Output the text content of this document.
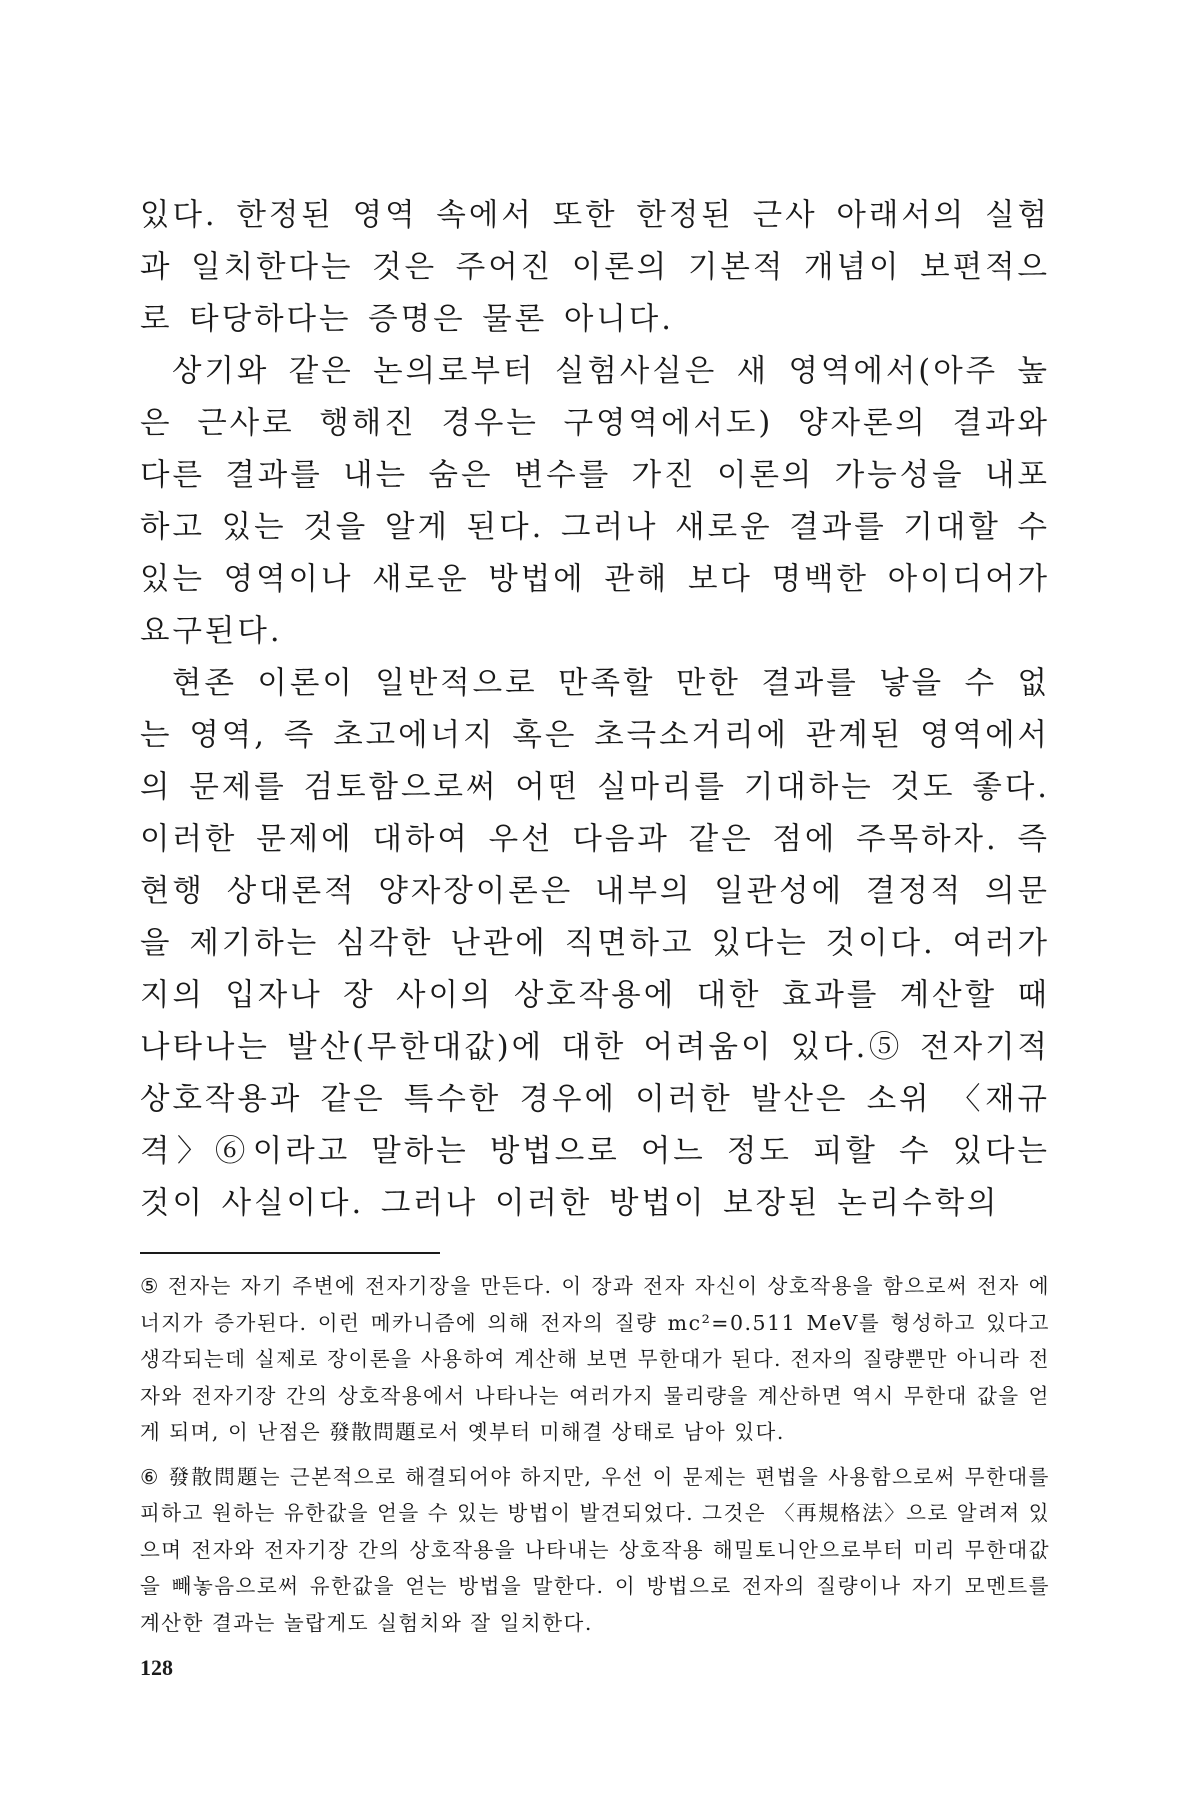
있다. 한정된 영역 속에서 또한 한정된 근사 아래서의 실험과 일치한다는 것은 주어진 이론의 기본적 개념이 보편적으로 타당하다는 증명은 물론 아니다.

상기와 같은 논의로부터 실험사실은 새 영역에서(아주 높은 근사로 행해진 경우는 구영역에서도) 양자론의 결과와 다른 결과를 내는 숨은 변수를 가진 이론의 가능성을 내포하고 있는 것을 알게 된다. 그러나 새로운 결과를 기대할 수 있는 영역이나 새로운 방법에 관해 보다 명백한 아이디어가 요구된다.

현존 이론이 일반적으로 만족할 만한 결과를 낳을 수 없는 영역, 즉 초고에너지 혹은 초극소거리에 관계된 영역에서의 문제를 검토함으로써 어떤 실마리를 기대하는 것도 좋다. 이러한 문제에 대하여 우선 다음과 같은 점에 주목하자. 즉 현행 상대론적 양자장이론은 내부의 일관성에 결정적 의문을 제기하는 심각한 난관에 직면하고 있다는 것이다. 여러가지의 입자나 장 사이의 상호작용에 대한 효과를 계산할 때 나타나는 발산(무한대값)에 대한 어려움이 있다.⑤ 전자기적 상호작용과 같은 특수한 경우에 이러한 발산은 소위 〈재규격〉⑥이라고 말하는 방법으로 어느 정도 피할 수 있다는 것이 사실이다. 그러나 이러한 방법이 보장된 논리수학의

⑤ 전자는 자기 주변에 전자기장을 만든다. 이 장과 전자 자신이 상호작용을 함으로써 전자 에너지가 증가된다. 이런 메카니즘에 의해 전자의 질량 mc²=0.511 MeV를 형성하고 있다고 생각되는데 실제로 장이론을 사용하여 계산해 보면 무한대가 된다. 전자의 질량뿐만 아니라 전자와 전자기장 간의 상호작용에서 나타나는 여러가지 물리량을 계산하면 역시 무한대 값을 얻게 되며, 이 난점은 發散問題로서 옛부터 미해결 상태로 남아 있다.

⑥ 發散問題는 근본적으로 해결되어야 하지만, 우선 이 문제는 편법을 사용함으로써 무한대를 피하고 원하는 유한값을 얻을 수 있는 방법이 발견되었다. 그것은 〈再規格法〉으로 알려져 있으며 전자와 전자기장 간의 상호작용을 나타내는 상호작용 해밀토니안으로부터 미리 무한대값을 빼놓음으로써 유한값을 얻는 방법을 말한다. 이 방법으로 전자의 질량이나 자기 모멘트를 계산한 결과는 놀랍게도 실험치와 잘 일치한다.

128
